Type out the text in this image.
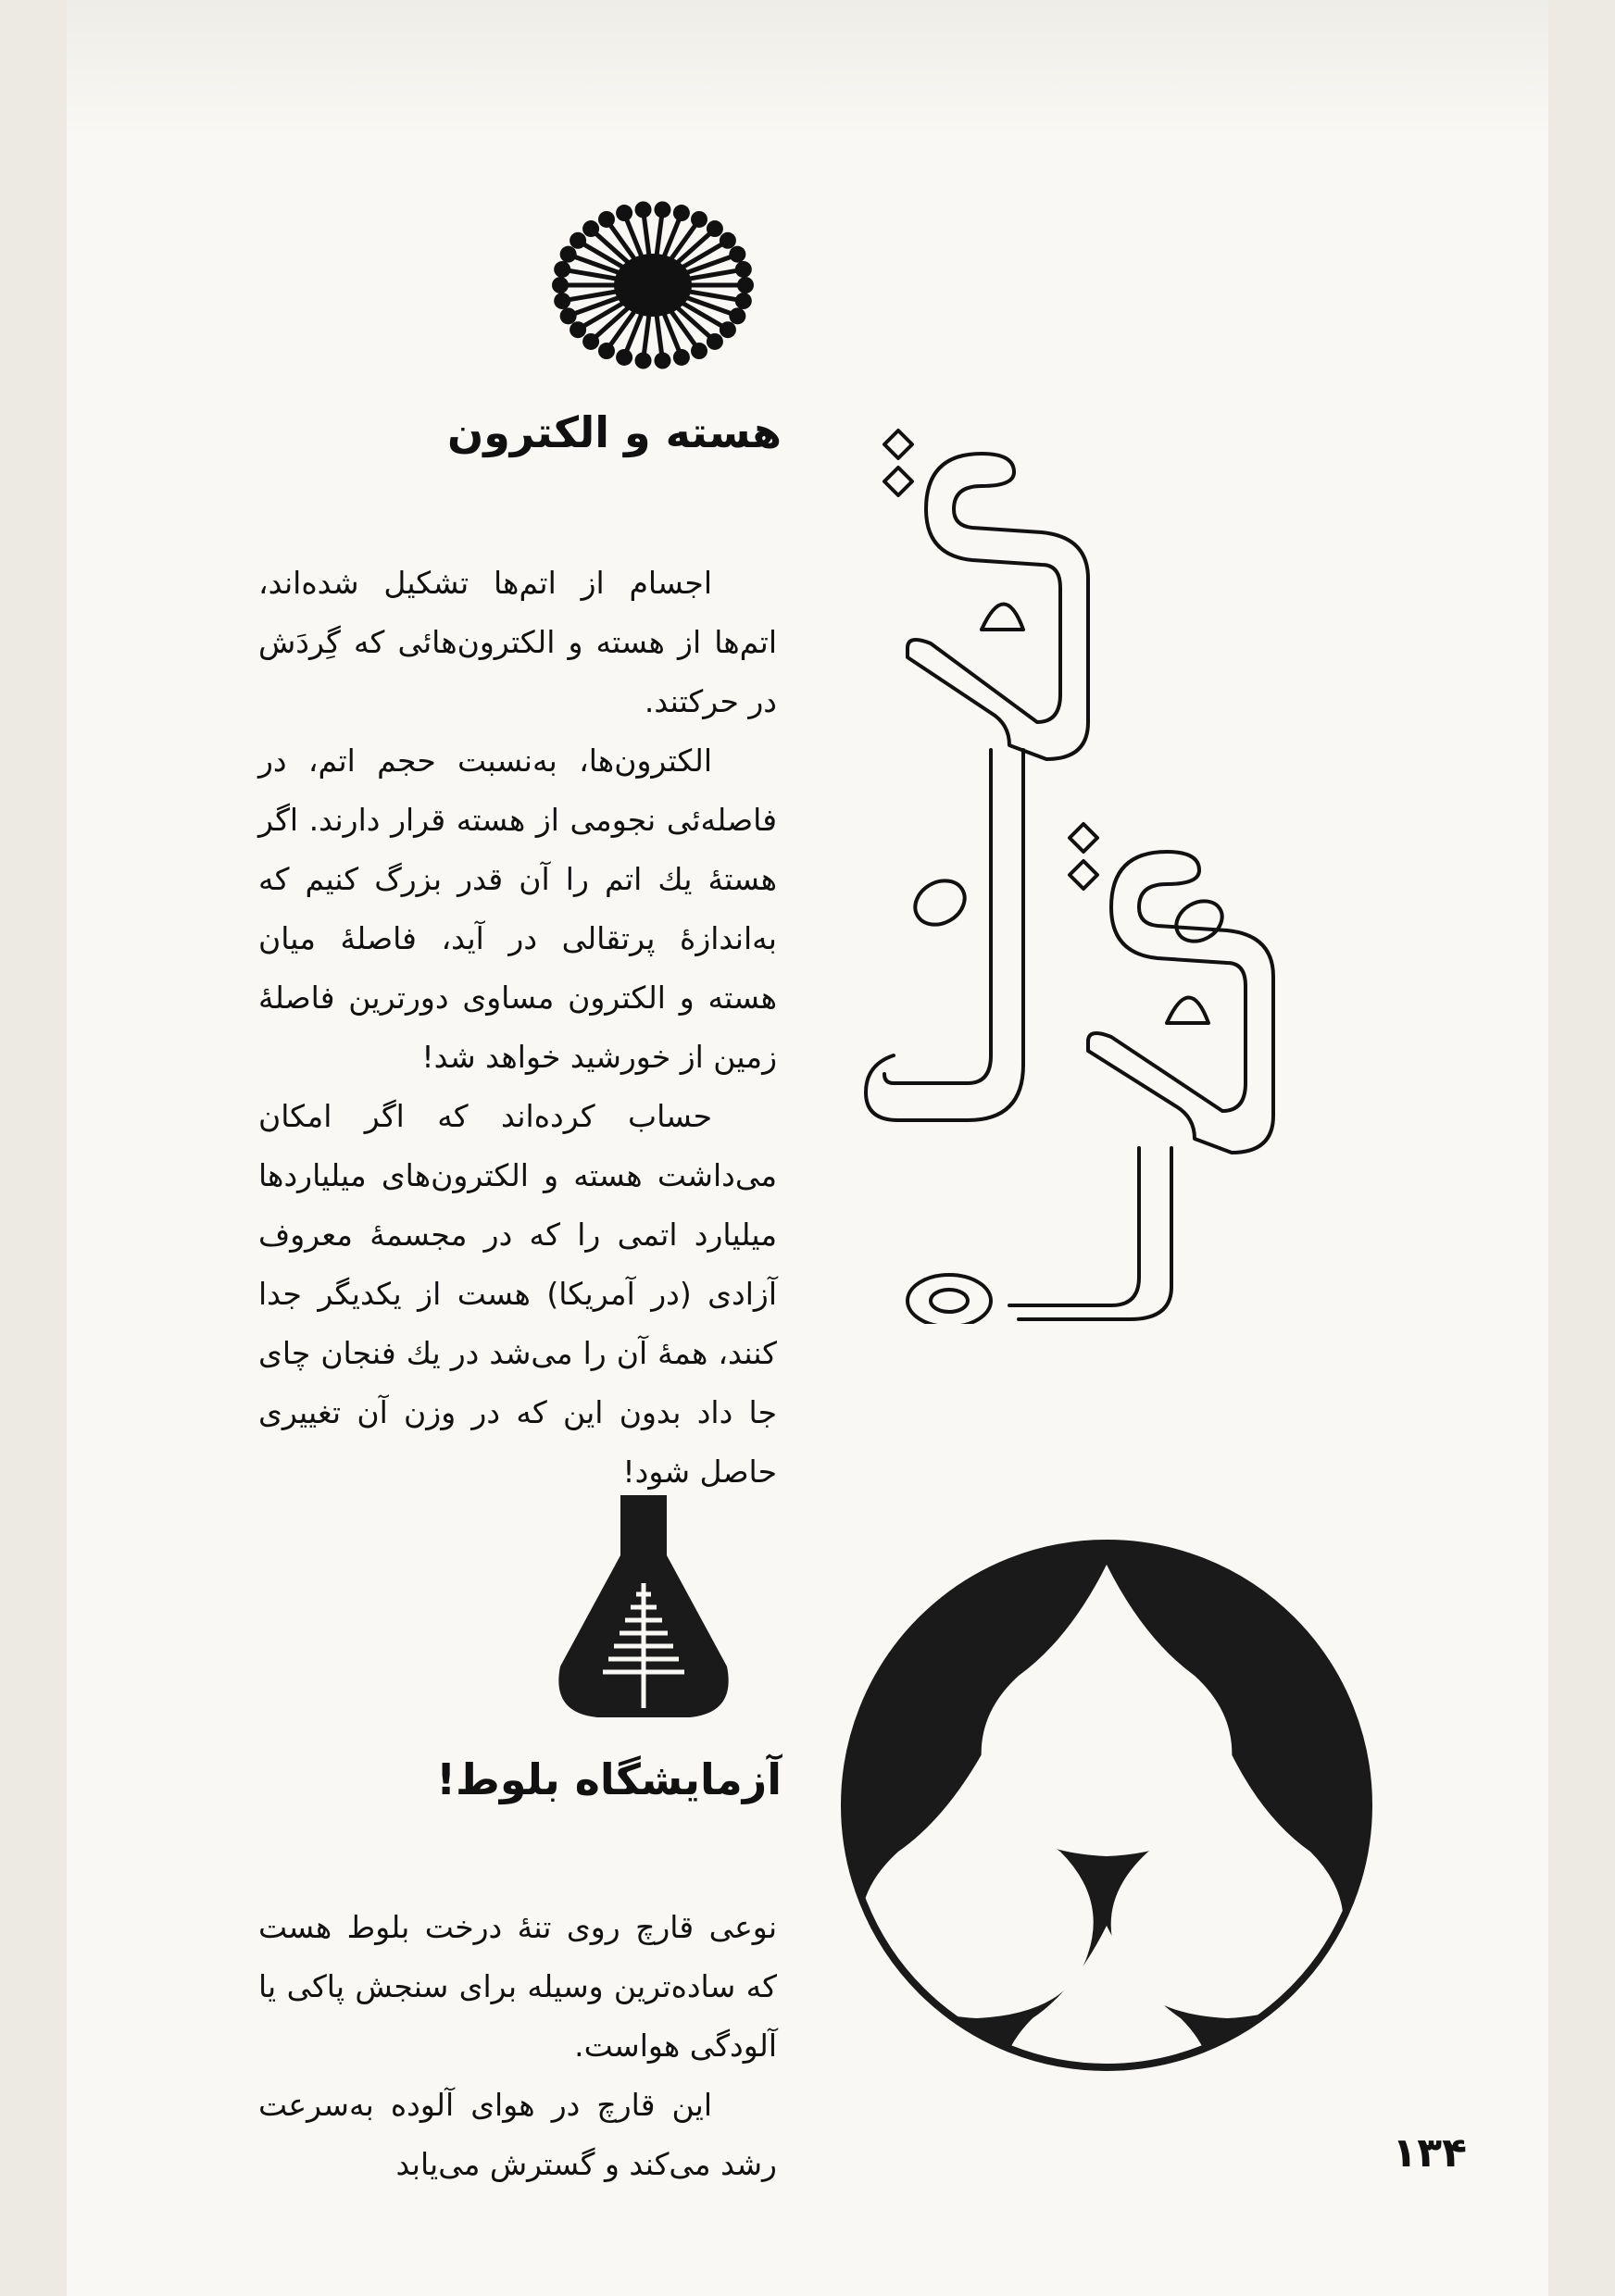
هسته و الکترون

اجسام از اتم‌ها تشکیل شده‌اند، اتم‌ها از هسته و الکترون‌هائی که گِردَش در حرکتند.

الکترون‌ها، به‌نسبت حجم اتم، در فاصله‌ئی نجومی از هسته قرار دارند. اگر هستهٔ یك اتم را آن قدر بزرگ کنیم که به‌اندازهٔ پرتقالی در آید، فاصلهٔ میان هسته و الکترون مساوی دورترین فاصلهٔ زمین از خورشید خواهد شد!

حساب کرده‌اند که اگر امکان می‌داشت هسته و الکترون‌های میلیاردها میلیارد اتمی را که در مجسمهٔ معروف آزادی (در آمریکا) هست از یکدیگر جدا کنند، همهٔ آن را می‌شد در یك فنجان چای جا داد بدون این که در وزن آن تغییری حاصل شود!

آزمایشگاه بلوط!

نوعی قارچ روی تنهٔ درخت بلوط هست که ساده‌ترین وسیله برای سنجش پاکی یا آلودگی هواست.

این قارچ در هوای آلوده به‌سرعت رشد می‌کند و گسترش می‌یابد	۱۳۴
